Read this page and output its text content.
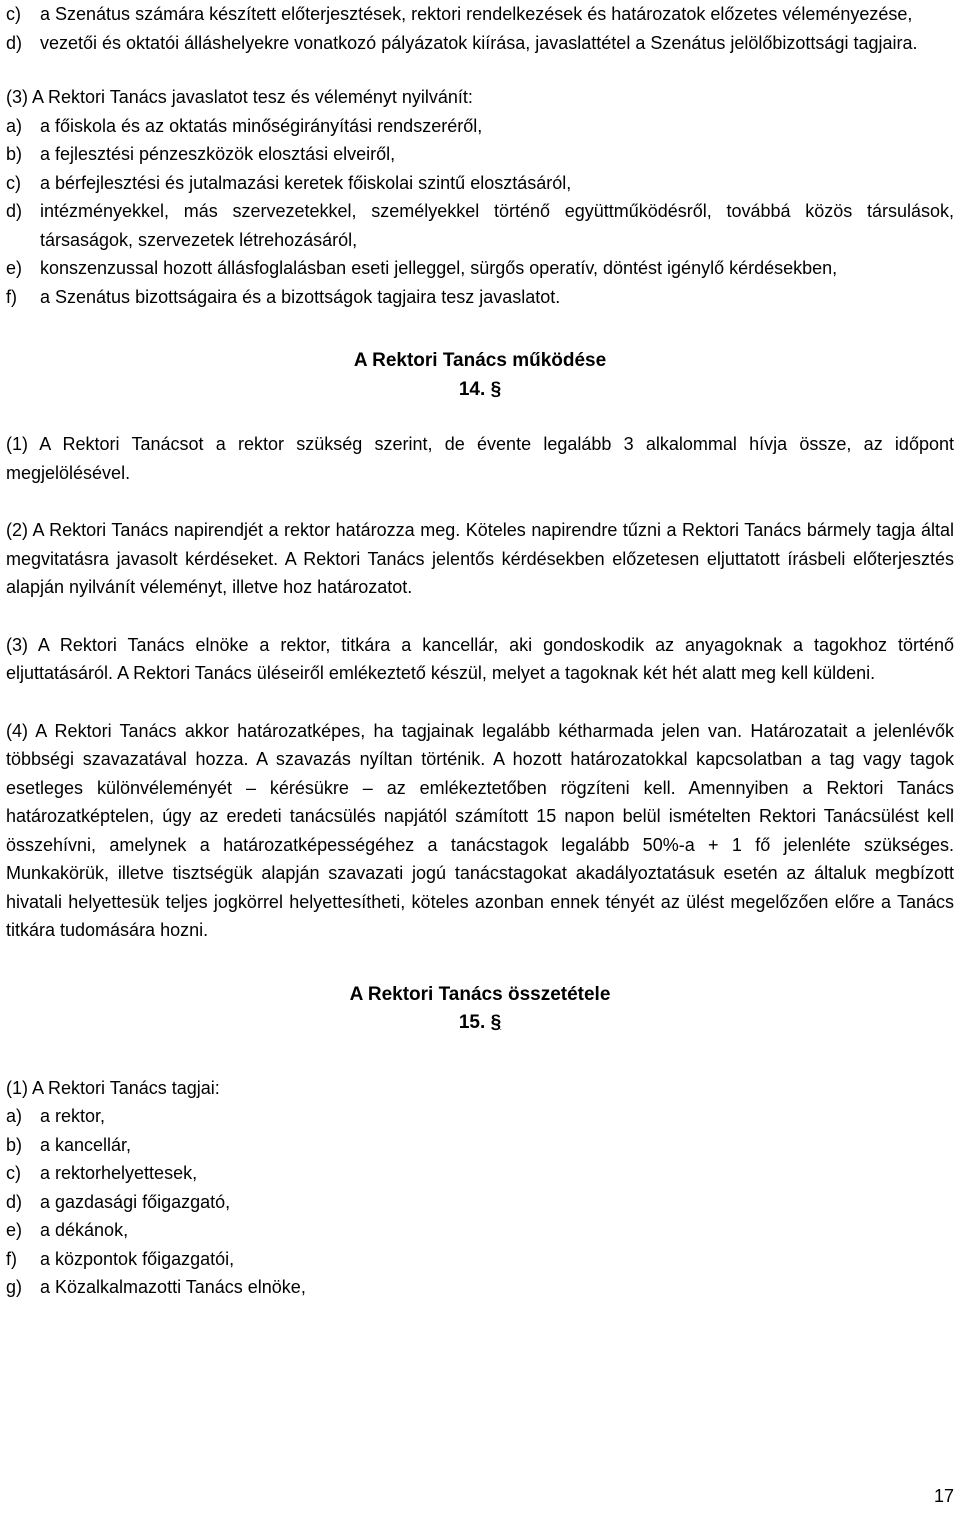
c)	a Szenátus számára készített előterjesztések, rektori rendelkezések és határozatok előzetes véleményezése,
d) vezetői és oktatói álláshelyekre vonatkozó pályázatok kiírása, javaslattétel a Szenátus jelölőbizottsági tagjaira.
(3) A Rektori Tanács javaslatot tesz és véleményt nyilvánít:
a) a főiskola és az oktatás minőségirányítási rendszeréről,
b) a fejlesztési pénzeszközök elosztási elveiről,
c)	a bérfejlesztési és jutalmazási keretek főiskolai szintű elosztásáról,
d) intézményekkel, más szervezetekkel, személyekkel történő együttműködésről, továbbá közös társulások, társaságok, szervezetek létrehozásáról,
e) konszenzussal hozott állásfoglalásban eseti jelleggel, sürgős operatív, döntést igénylő kérdésekben,
f)	a Szenátus bizottságaira és a bizottságok tagjaira tesz javaslatot.
A Rektori Tanács működése
14. §
(1) A Rektori Tanácsot a rektor szükség szerint, de évente legalább 3 alkalommal hívja össze, az időpont megjelölésével.
(2) A Rektori Tanács napirendjét a rektor határozza meg. Köteles napirendre tűzni a Rektori Tanács bármely tagja által megvitatásra javasolt kérdéseket. A Rektori Tanács jelentős kérdésekben előzetesen eljuttatott írásbeli előterjesztés alapján nyilvánít véleményt, illetve hoz határozatot.
(3) A Rektori Tanács elnöke a rektor, titkára a kancellár, aki gondoskodik az anyagoknak a tagokhoz történő eljuttatásáról. A Rektori Tanács üléseiről emlékeztető készül, melyet a tagoknak két hét alatt meg kell küldeni.
(4) A Rektori Tanács akkor határozatképes, ha tagjainak legalább kétharmada jelen van. Határozatait a jelenlévők többségi szavazatával hozza. A szavazás nyíltan történik. A hozott határozatokkal kapcsolatban a tag vagy tagok esetleges különvéleményét – kérésükre – az emlékeztetőben rögzíteni kell. Amennyiben a Rektori Tanács határozatképtelen, úgy az eredeti tanácsülés napjától számított 15 napon belül ismételten Rektori Tanácsülést kell összehívni, amelynek a határozatképességéhez a tanácstagok legalább 50%-a + 1 fő jelenléte szükséges. Munkakörük, illetve tisztségük alapján szavazati jogú tanácstagokat akadályoztatásuk esetén az általuk megbízott hivatali helyettesük teljes jogkörrel helyettesítheti, köteles azonban ennek tényét az ülést megelőzően előre a Tanács titkára tudomására hozni.
A Rektori Tanács összetétele
15. §
(1) A Rektori Tanács tagjai:
a) a rektor,
b) a kancellár,
c)	a rektorhelyettesek,
d) a gazdasági főigazgató,
e) a dékánok,
f)	a központok főigazgatói,
g) a Közalkalmazotti Tanács elnöke,
17
